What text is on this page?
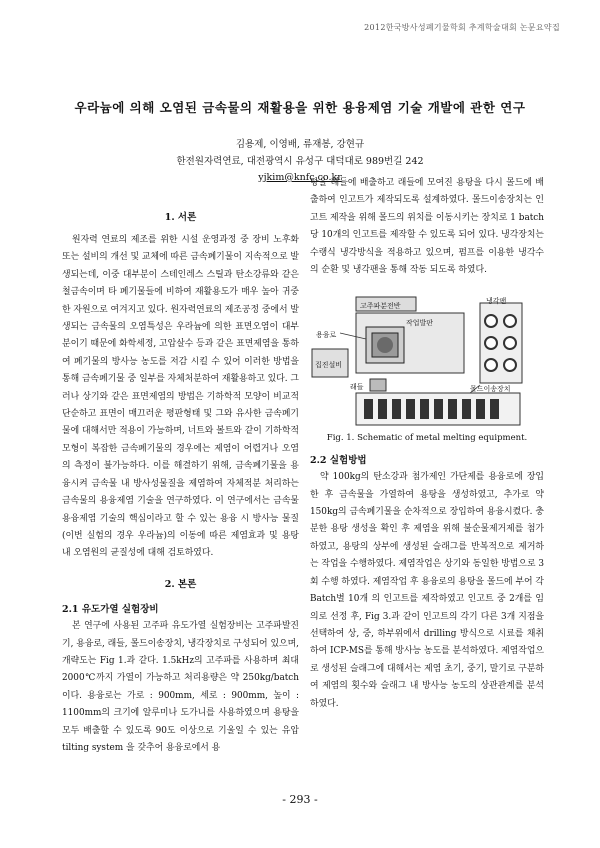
2012한국방사성폐기물학회 추계학술대회 논문요약집
우라늄에 의해 오염된 금속물의 재활용을 위한 용융제염 기술 개발에 관한 연구
김용제, 이영배, 류재봉, 강현규
한전원자력연료, 대전광역시 유성구 대덕대로 989번길 242
yjkim@knfc.co.kr
1. 서론

원자력 연료의 제조를 위한 시설 운영과정 중 장비 노후화 또는 설비의 개선 및 교체에 따른 금속폐기물이 지속적으로 발생되는데, 이중 대부분이 스테인레스 스틸과 탄소강류와 같은 철금속이며 타 폐기물들에 비하여 재활용도가 매우 높아 귀중한 자원으로 여겨지고 있다. 원자력연료의 제조공정 중에서 발생되는 금속물의 오염특성은 우라늄에 의한 표면오염이 대부분이기 때문에 화학세정, 고압살수 등과 같은 표면제염을 통하여 폐기물의 방사능 농도를 저감 시킬 수 있어 이러한 방법을 통해 금속폐기물 중 일부를 자체처분하여 재활용하고 있다. 그러나 상기와 같은 표면제염의 방법은 기하학적 모양이 비교적 단순하고 표면이 매끄러운 평판형태 및 그와 유사한 금속폐기물에 대해서만 적용이 가능하며, 너트와 볼트와 같이 기하학적 모형이 복잡한 금속폐기물의 경우에는 제염이 어렵거나 오염의 측정이 불가능하다. 이를 해결하기 위해, 금속폐기물을 용융시켜 금속물 내 방사성물질을 제염하여 자체적분 처리하는 금속물의 용융제염 기술을 연구하였다. 이 연구에서는 금속물 용융제염 기술의 핵심이라고 할 수 있는 용융 시 방사능 물질(이번 실험의 경우 우라늄)의 이동에 따른 제염효과 및 용탕 내 오염원의 균질성에 대해 검토하였다.

2. 본론
2.1 유도가열 실험장비

본 연구에 사용된 고주파 유도가열 실험장비는 고주파발진기, 용융로, 래들, 몰드이송장치, 냉각장치로 구성되어 있으며, 개략도는 Fig 1.과 같다. 1.5kHz의 고주파를 사용하며 최대 2000℃까지 가열이 가능하고 처리용량은 약 250kg/batch 이다. 용융로는 가로 : 900mm, 세로 : 900mm, 높이 : 1100mm의 크기에 알루미나 도가니를 사용하였으며 용탕을 모두 배출할 수 있도록 90도 이상으로 기울일 수 있는 유압 tilting system 을 갖추어 용융로에서 용

탕을 래들에 배출하고 래들에 모여진 용탕을 다시 몰드에 배출하여 인고트가 제작되도록 설계하였다. 몰드이송장치는 인고트 제작을 위해 몰드의 위치를 이동시키는 장치로 1 batch당 10개의 인고트를 제작할 수 있도록 되어 있다. 냉각장치는 수랭식 냉각방식을 적용하고 있으며, 펌프를 이용한 냉각수의 순환 및 냉각팬을 통해 작동 되도록 하였다.

고주파분전반
작업발판
냉각팬
용융로
집진설비
래들	몰드이송장치

Fig. 1. Schematic of metal melting equipment.

2.2 실험방법

약 100kg의 탄소강과 첨가제인 가단제를 용융로에 장입한 후 금속물을 가열하여 용탕을 생성하였고, 추가로 약 150kg의 금속폐기물을 순차적으로 장입하여 용융시켰다. 충분한 용탕 생성을 확인 후 제염을 위해 불순물제거제를 첨가하였고, 용탕의 상부에 생성된 슬래그를 반복적으로 제거하는 작업을 수행하였다. 제염작업은 상기와 동일한 방법으로 3회 수행 하였다. 제염작업 후 용융로의 용탕을 몰드에 부어 각 Batch별 10개 의 인고트를 제작하였고 인고트 중 2개를 임의로 선정 후, Fig 3.과 같이 인고트의 각기 다른 3개 지점을 선택하여 상, 중, 하부위에서 drilling 방식으로 시료를 채취하여 ICP-MS를 통해 방사능 농도를 분석하였다. 제염작업으로 생성된 슬래그에 대해서는 제염 초기, 중기, 말기로 구분하여 제염의 횟수와 슬래그 내 방사능 농도의 상관관계를 분석하였다.

- 293 -
